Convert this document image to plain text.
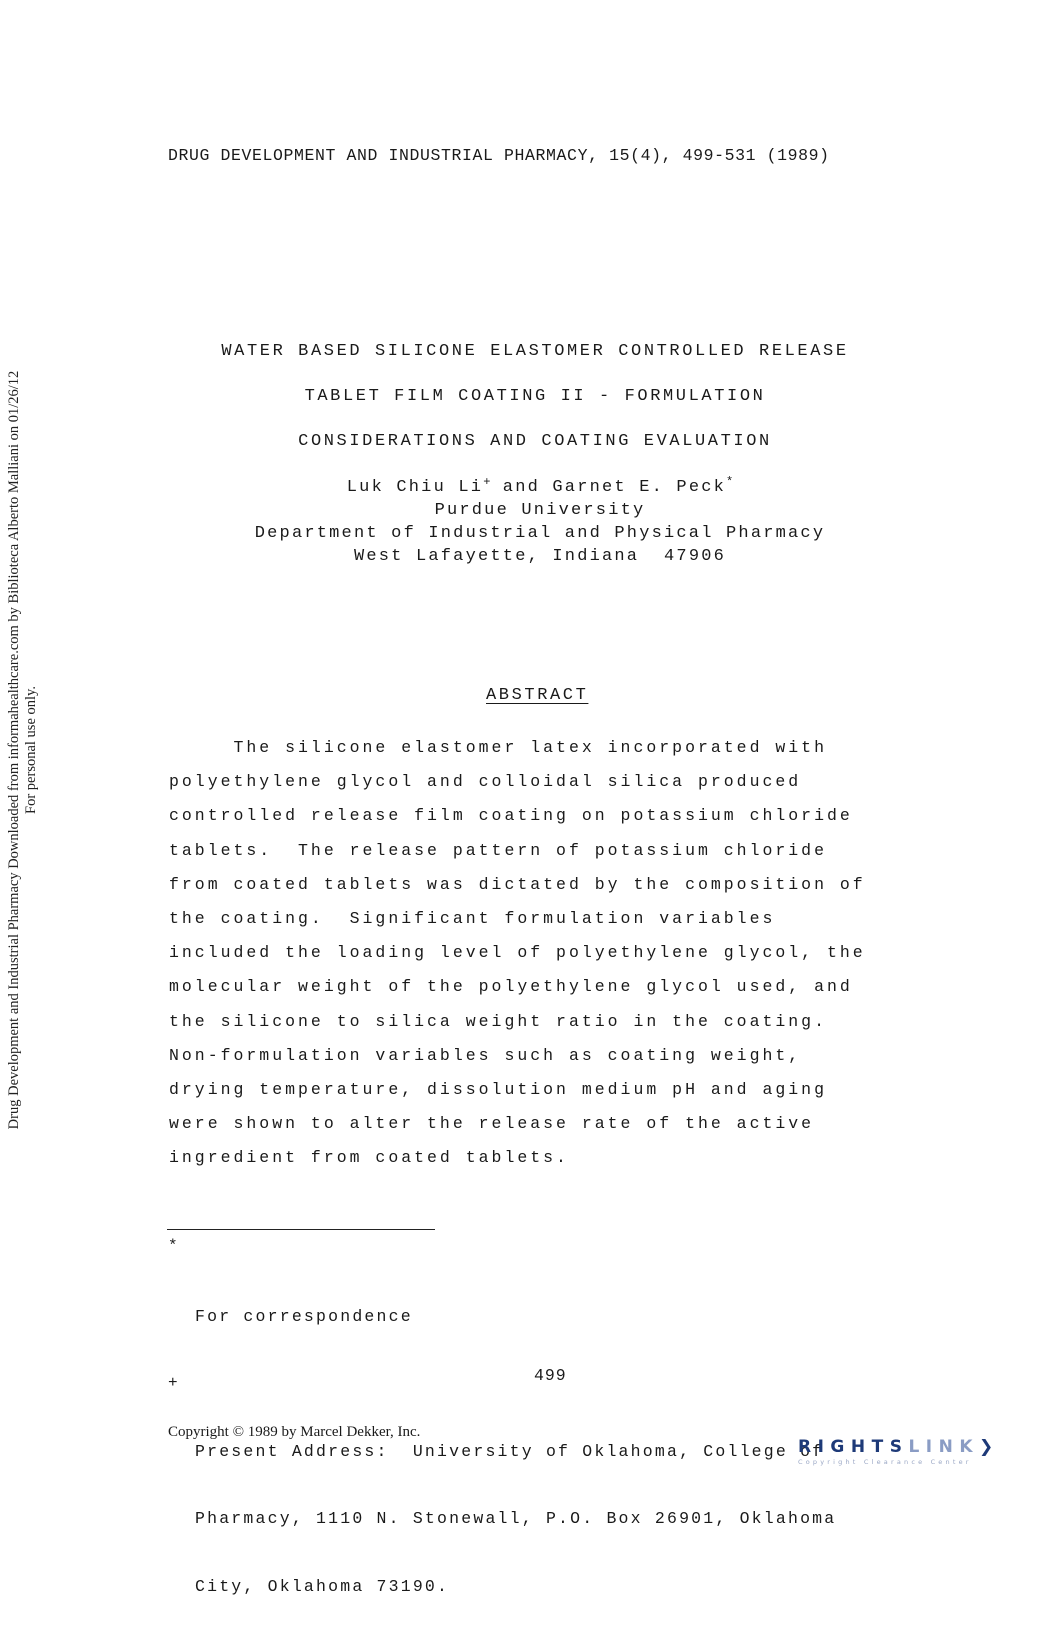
DRUG DEVELOPMENT AND INDUSTRIAL PHARMACY, 15(4), 499-531 (1989)
WATER BASED SILICONE ELASTOMER CONTROLLED RELEASE
TABLET FILM COATING II - FORMULATION
CONSIDERATIONS AND COATING EVALUATION
Luk Chiu Li+ and Garnet E. Peck*
Purdue University
Department of Industrial and Physical Pharmacy
West Lafayette, Indiana  47906
ABSTRACT
The silicone elastomer latex incorporated with
polyethylene glycol and colloidal silica produced
controlled release film coating on potassium chloride
tablets.  The release pattern of potassium chloride
from coated tablets was dictated by the composition of
the coating.  Significant formulation variables
included the loading level of polyethylene glycol, the
molecular weight of the polyethylene glycol used, and
the silicone to silica weight ratio in the coating.
Non-formulation variables such as coating weight,
drying temperature, dissolution medium pH and aging
were shown to alter the release rate of the active
ingredient from coated tablets.
Drug Development and Industrial Pharmacy Downloaded from informahealthcare.com by Biblioteca Alberto Malliani on 01/26/12 For personal use only.

*

For correspondence

+

Present Address:  University of Oklahoma, College of

Pharmacy, 1110 N. Stonewall, P.O. Box 26901, Oklahoma

City, Oklahoma 73190.

499
Copyright © 1989 by Marcel Dekker, Inc.
RIGHTSLINK❯
Copyright Clearance Center
